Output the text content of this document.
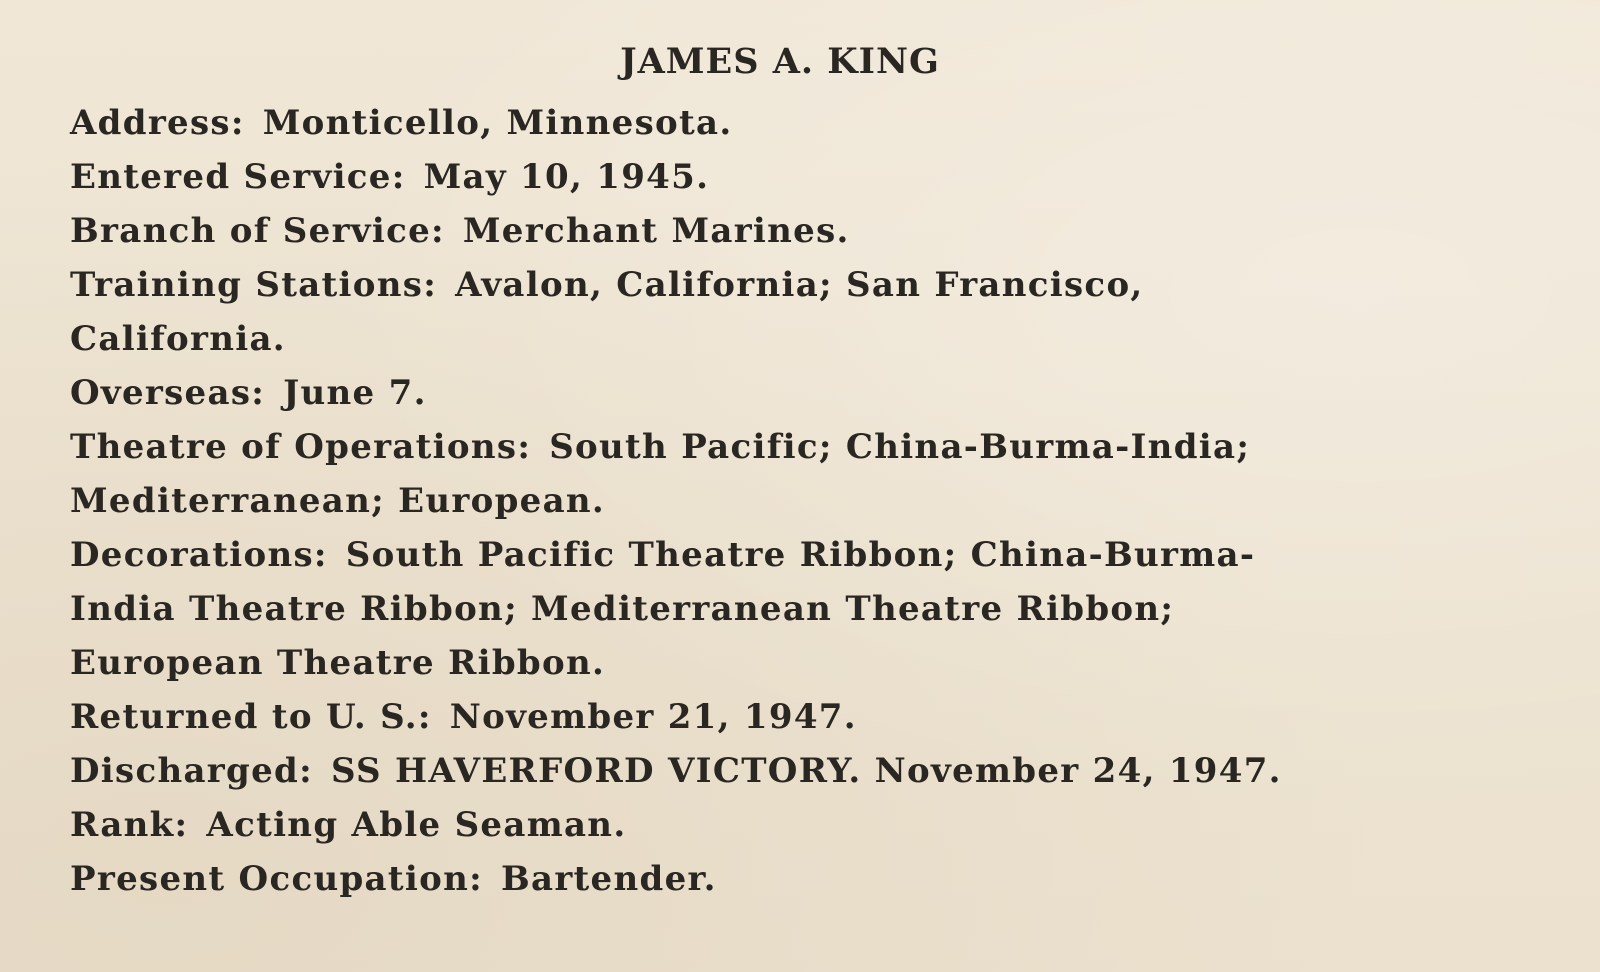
JAMES A. KING
Address: Monticello, Minnesota.
Entered Service: May 10, 1945.
Branch of Service: Merchant Marines.
Training Stations: Avalon, California; San Francisco,
California.
Overseas: June 7.
Theatre of Operations: South Pacific; China-Burma-India;
Mediterranean; European.
Decorations: South Pacific Theatre Ribbon; China-Burma-
India Theatre Ribbon; Mediterranean Theatre Ribbon;
European Theatre Ribbon.
Returned to U. S.: November 21, 1947.
Discharged: SS HAVERFORD VICTORY. November 24, 1947.
Rank: Acting Able Seaman.
Present Occupation: Bartender.
